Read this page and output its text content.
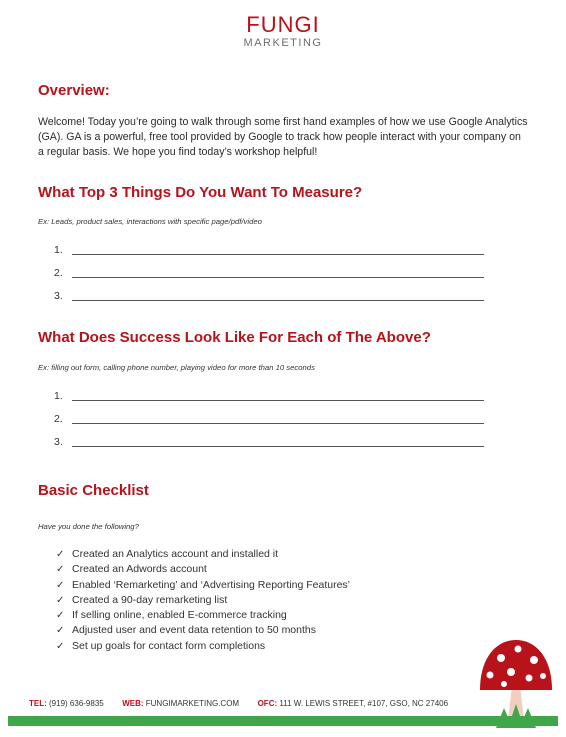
FUNGI
MARKETING
Overview:

Welcome! Today you’re going to walk through some first hand examples of how we use Google Analytics (GA). GA is a powerful, free tool provided by Google to track how people interact with your company on a regular basis. We hope you find today’s workshop helpful!

What Top 3 Things Do You Want To Measure?

Ex: Leads, product sales, interactions with specific page/pdf/video

1.
2.
3.
What Does Success Look Like For Each of The Above?

Ex: filling out form, calling phone number, playing video for more than 10 seconds

1.
2.
3.
Basic Checklist

Have you done the following?

✓ Created an Analytics account and installed it
✓ Created an Adwords account
✓ Enabled ‘Remarketing’ and ‘Advertising Reporting Features’
✓ Created a 90-day remarketing list
✓ If selling online, enabled E-commerce tracking
✓ Adjusted user and event data retention to 50 months
✓ Set up goals for contact form completions
TEL: (919) 636-9835 WEB: FUNGIMARKETING.COM OFC: 111 W. LEWIS STREET, #107, GSO, NC 27406
